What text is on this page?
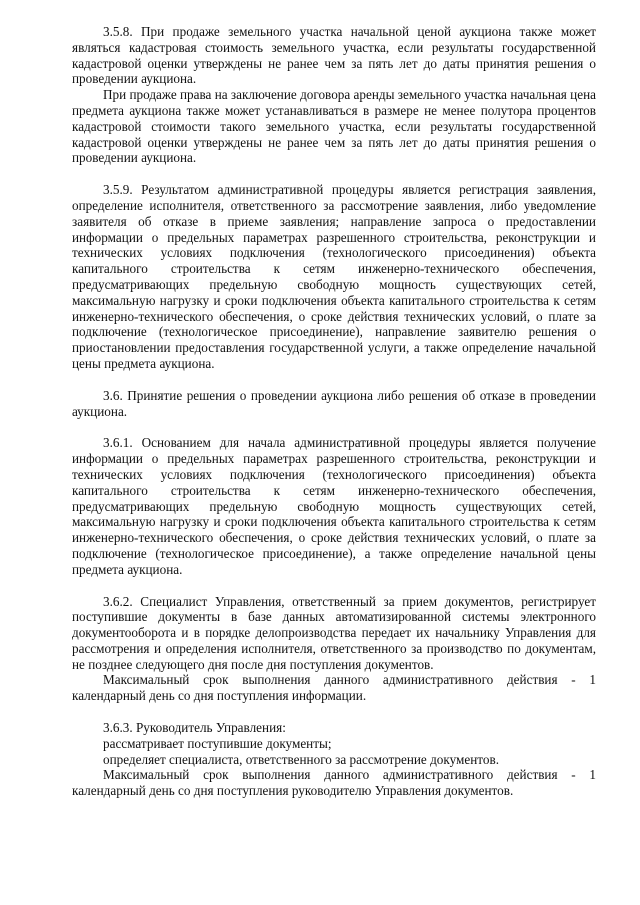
3.5.8. При продаже земельного участка начальной ценой аукциона также может являться кадастровая стоимость земельного участка, если результаты государственной кадастровой оценки утверждены не ранее чем за пять лет до даты принятия решения о проведении аукциона.

При продаже права на заключение договора аренды земельного участка начальная цена предмета аукциона также может устанавливаться в размере не менее полутора процентов кадастровой стоимости такого земельного участка, если результаты государственной кадастровой оценки утверждены не ранее чем за пять лет до даты принятия решения о проведении аукциона.

3.5.9. Результатом административной процедуры является регистрация заявления, определение исполнителя, ответственного за рассмотрение заявления, либо уведомление заявителя об отказе в приеме заявления; направление запроса о предоставлении информации о предельных параметрах разрешенного строительства, реконструкции и технических условиях подключения (технологического присоединения) объекта капитального строительства к сетям инженерно-технического обеспечения, предусматривающих предельную свободную мощность существующих сетей, максимальную нагрузку и сроки подключения объекта капитального строительства к сетям инженерно-технического обеспечения, о сроке действия технических условий, о плате за подключение (технологическое присоединение), направление заявителю решения о приостановлении предоставления государственной услуги, а также определение начальной цены предмета аукциона.

3.6. Принятие решения о проведении аукциона либо решения об отказе в проведении аукциона.

3.6.1. Основанием для начала административной процедуры является получение информации о предельных параметрах разрешенного строительства, реконструкции и технических условиях подключения (технологического присоединения) объекта капитального строительства к сетям инженерно-технического обеспечения, предусматривающих предельную свободную мощность существующих сетей, максимальную нагрузку и сроки подключения объекта капитального строительства к сетям инженерно-технического обеспечения, о сроке действия технических условий, о плате за подключение (технологическое присоединение), а также определение начальной цены предмета аукциона.

3.6.2. Специалист Управления, ответственный за прием документов, регистрирует поступившие документы в базе данных автоматизированной системы электронного документооборота и в порядке делопроизводства передает их начальнику Управления для рассмотрения и определения исполнителя, ответственного за производство по документам, не позднее следующего дня после дня поступления документов.

Максимальный срок выполнения данного административного действия - 1 календарный день со дня поступления информации.

3.6.3. Руководитель Управления:

рассматривает поступившие документы;

определяет специалиста, ответственного за рассмотрение документов.

Максимальный срок выполнения данного административного действия - 1 календарный день со дня поступления руководителю Управления документов.
